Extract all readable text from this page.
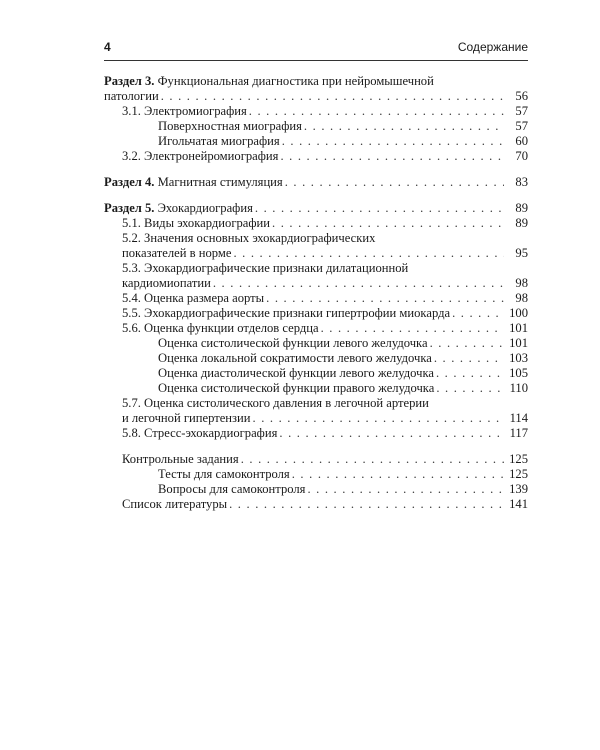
4	Содержание
Раздел 3. Функциональная диагностика при нейромышечной
патологии . . .	56
3.1. Электромиография . . .	57
Поверхностная миография . . .	57
Игольчатая миография . . .	60
3.2. Электронейромиография . . .	70
Раздел 4. Магнитная стимуляция . . .	83
Раздел 5. Эхокардиография . . .	89
5.1. Виды эхокардиографии . . .	89
5.2. Значения основных эхокардиографических
показателей в норме . . .	95
5.3. Эхокардиографические признаки дилатационной
кардиомиопатии . . .	98
5.4. Оценка размера аорты . . .	98
5.5. Эхокардиографические признаки гипертрофии миокарда . . .	100
5.6. Оценка функции отделов сердца . . .	101
Оценка систолической функции левого желудочка . . .	101
Оценка локальной сократимости левого желудочка . . .	103
Оценка диастолической функции левого желудочка . . .	105
Оценка систолической функции правого желудочка . . .	110
5.7. Оценка систолического давления в легочной артерии
и легочной гипертензии . . .	114
5.8. Стресс-эхокардиография . . .	117
Контрольные задания . . .	125
Тесты для самоконтроля . . .	125
Вопросы для самоконтроля . . .	139
Список литературы . . .	141
